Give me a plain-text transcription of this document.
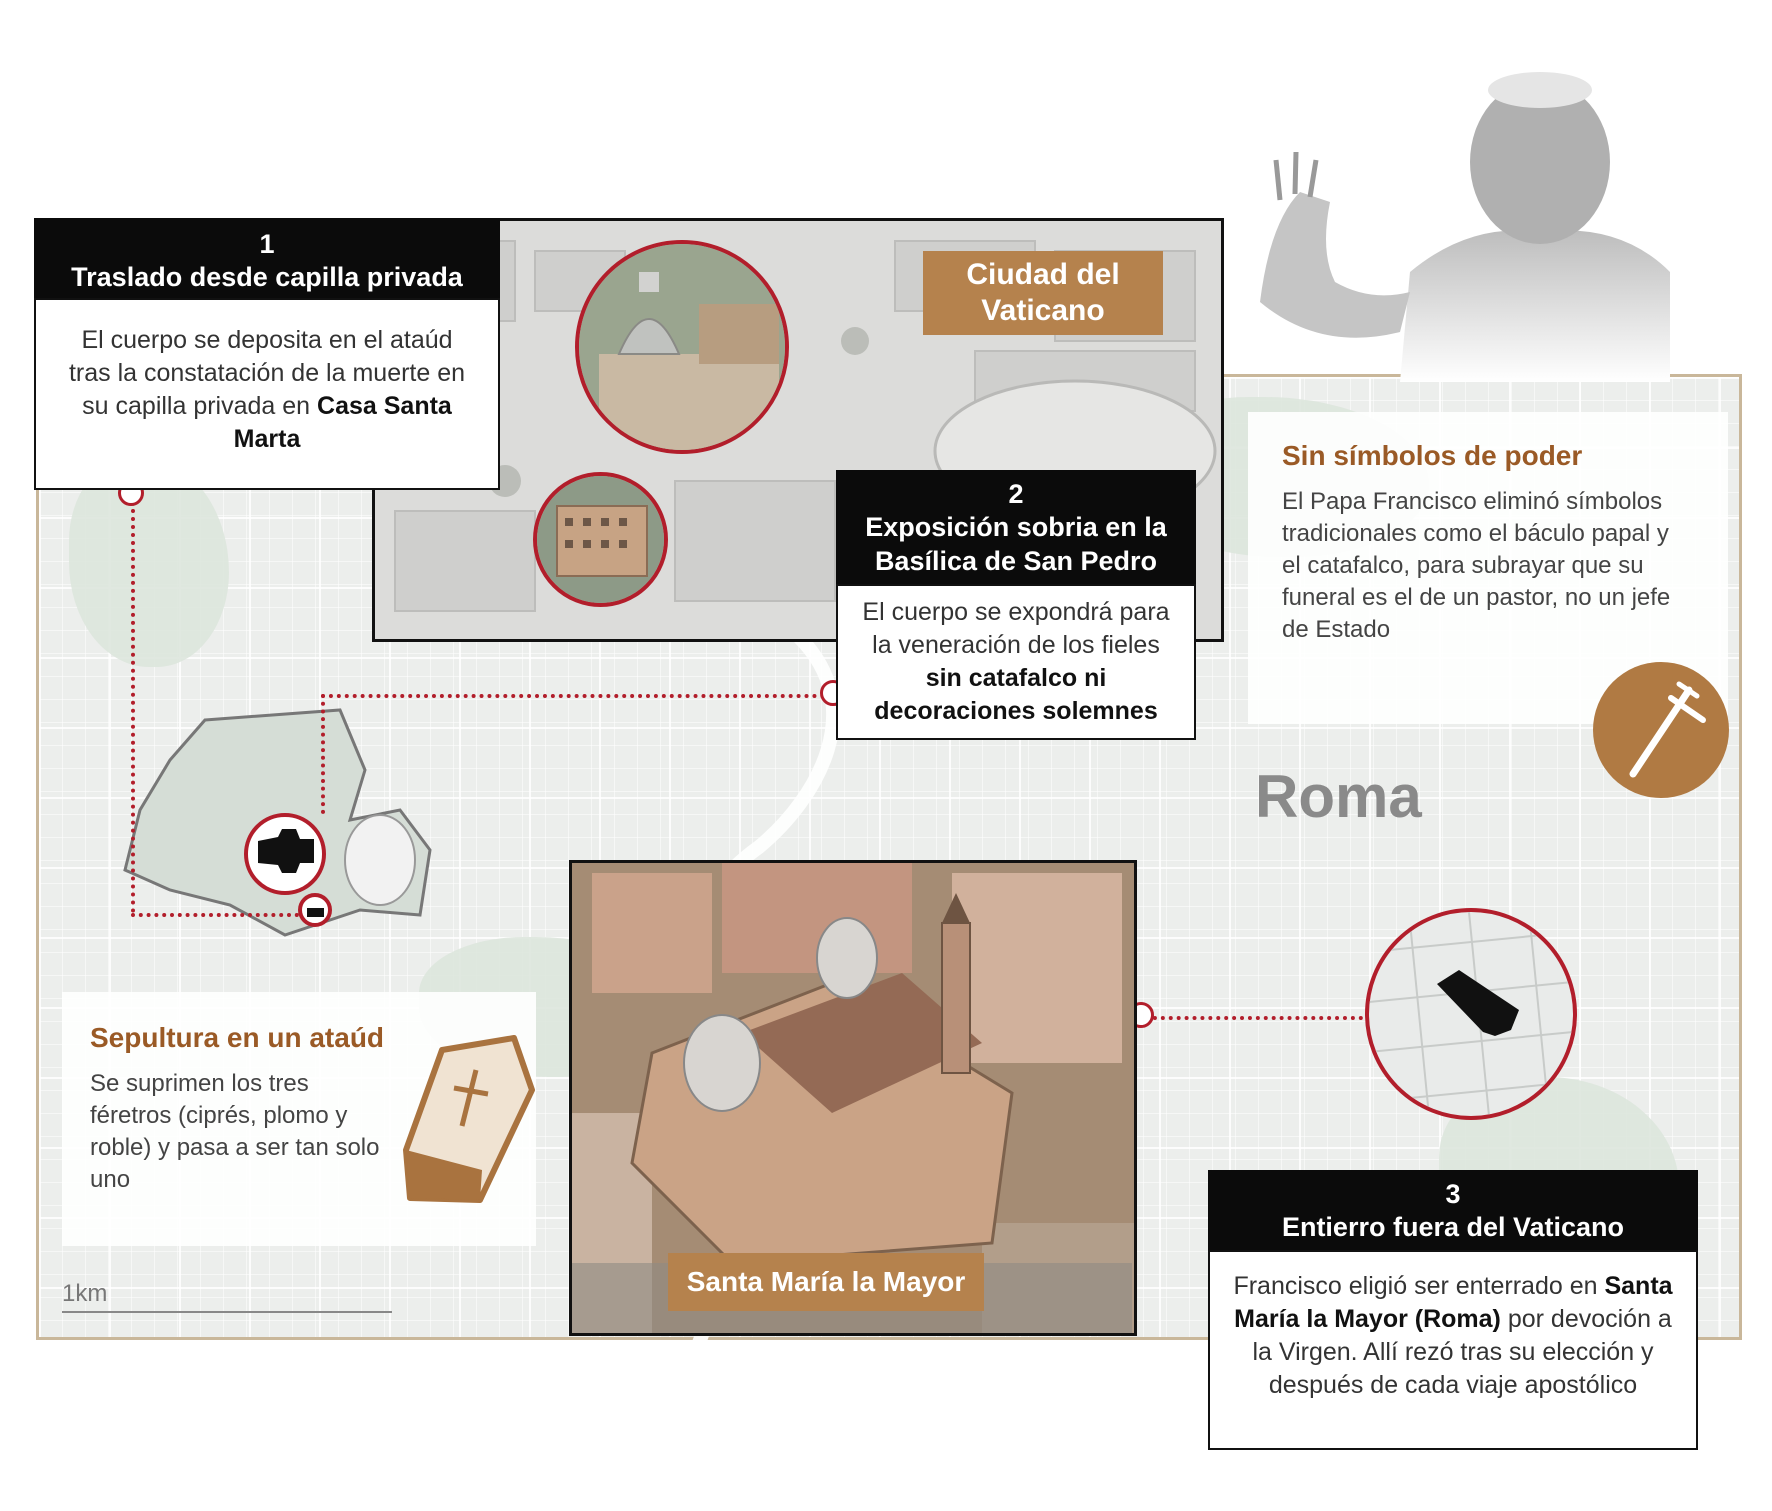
Roma
1km
Ciudad del Vaticano
1
Traslado desde capilla privada
El cuerpo se deposita en el ataúd tras la constatación de la muerte en su capilla privada en Casa Santa Marta
2
Exposición sobria en la Basílica de San Pedro
El cuerpo se expondrá para la veneración de los fieles sin catafalco ni decoraciones solemnes
Sin símbolos de poder
El Papa Francisco eliminó símbolos tradicionales como el báculo papal y el catafalco, para subrayar que su funeral es el de un pastor, no un jefe de Estado
Sepultura en un ataúd
Se suprimen los tres féretros (ciprés, plomo y roble) y pasa a ser tan solo uno
Santa María la Mayor
3
Entierro fuera del Vaticano
Francisco eligió ser enterrado en Santa María la Mayor (Roma) por devoción a la Virgen. Allí rezó tras su elección y después de cada viaje apostólico
